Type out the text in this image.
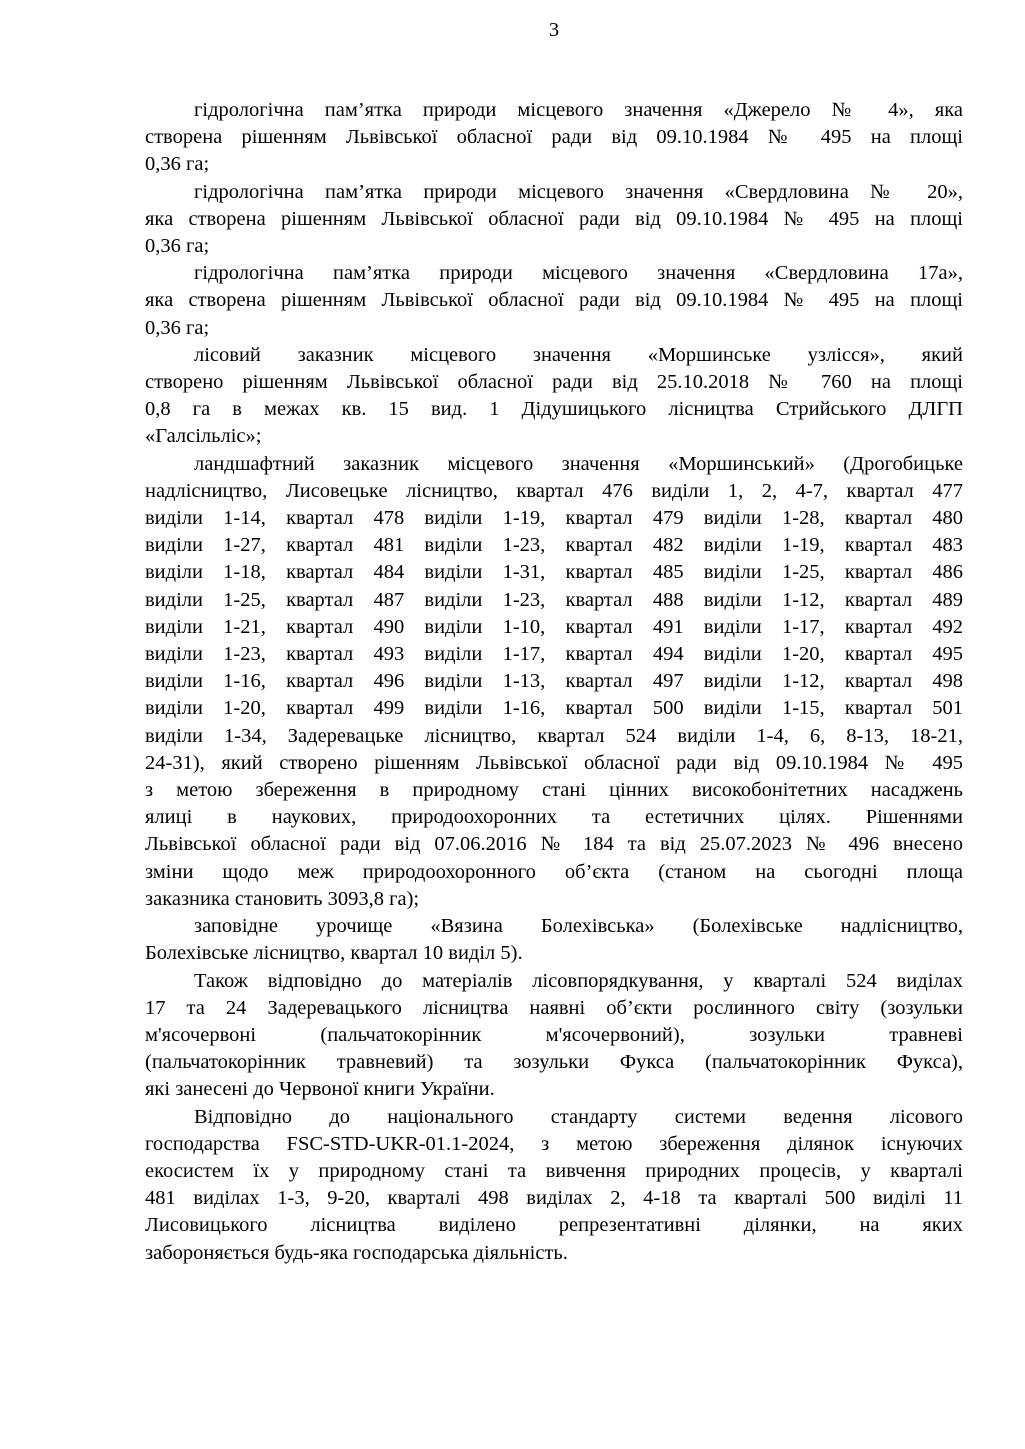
3
гідрологічна пам’ятка природи місцевого значення «Джерело № 4», яка
створена рішенням Львівської обласної ради від 09.10.1984 № 495 на площі
0,36 га;
гідрологічна пам’ятка природи місцевого значення «Свердловина № 20»,
яка створена рішенням Львівської обласної ради від 09.10.1984 № 495 на площі
0,36 га;
гідрологічна пам’ятка природи місцевого значення «Свердловина 17а»,
яка створена рішенням Львівської обласної ради від 09.10.1984 № 495 на площі
0,36 га;
лісовий заказник місцевого значення «Моршинське узлісся», який
створено рішенням Львівської обласної ради від 25.10.2018 № 760 на площі
0,8 га в межах кв. 15 вид. 1 Дідушицького лісництва Стрийського ДЛГП
«Галсільліс»;
ландшафтний заказник місцевого значення «Моршинський» (Дрогобицьке
надлісництво, Лисовецьке лісництво, квартал 476 виділи 1, 2, 4-7, квартал 477
виділи 1-14, квартал 478 виділи 1-19, квартал 479 виділи 1-28, квартал 480
виділи 1-27, квартал 481 виділи 1-23, квартал 482 виділи 1-19, квартал 483
виділи 1-18, квартал 484 виділи 1-31, квартал 485 виділи 1-25, квартал 486
виділи 1-25, квартал 487 виділи 1-23, квартал 488 виділи 1-12, квартал 489
виділи 1-21, квартал 490 виділи 1-10, квартал 491 виділи 1-17, квартал 492
виділи 1-23, квартал 493 виділи 1-17, квартал 494 виділи 1-20, квартал 495
виділи 1-16, квартал 496 виділи 1-13, квартал 497 виділи 1-12, квартал 498
виділи 1-20, квартал 499 виділи 1-16, квартал 500 виділи 1-15, квартал 501
виділи 1-34, Задеревацьке лісництво, квартал 524 виділи 1-4, 6, 8-13, 18-21,
24-31), який створено рішенням Львівської обласної ради від 09.10.1984 № 495
з метою збереження в природному стані цінних високобонітетних насаджень
ялиці в наукових, природоохоронних та естетичних цілях. Рішеннями
Львівської обласної ради від 07.06.2016 № 184 та від 25.07.2023 № 496 внесено
зміни щодо меж природоохоронного об’єкта (станом на сьогодні площа
заказника становить 3093,8 га);
заповідне урочище «Вязина Болехівська» (Болехівське надлісництво,
Болехівське лісництво, квартал 10 виділ 5).
Також відповідно до матеріалів лісовпорядкування, у кварталі 524 виділах
17 та 24 Задеревацького лісництва наявні об’єкти рослинного світу (зозульки
м'ясочервоні (пальчатокорінник м'ясочервоний), зозульки травневі
(пальчатокорінник травневий) та зозульки Фукса (пальчатокорінник Фукса),
які занесені до Червоної книги України.
Відповідно до національного стандарту системи ведення лісового
господарства FSC-STD-UKR-01.1-2024, з метою збереження ділянок існуючих
екосистем їх у природному стані та вивчення природних процесів, у кварталі
481 виділах 1-3, 9-20, кварталі 498 виділах 2, 4-18 та кварталі 500 виділі 11
Лисовицького лісництва виділено репрезентативні ділянки, на яких
забороняється будь-яка господарська діяльність.
